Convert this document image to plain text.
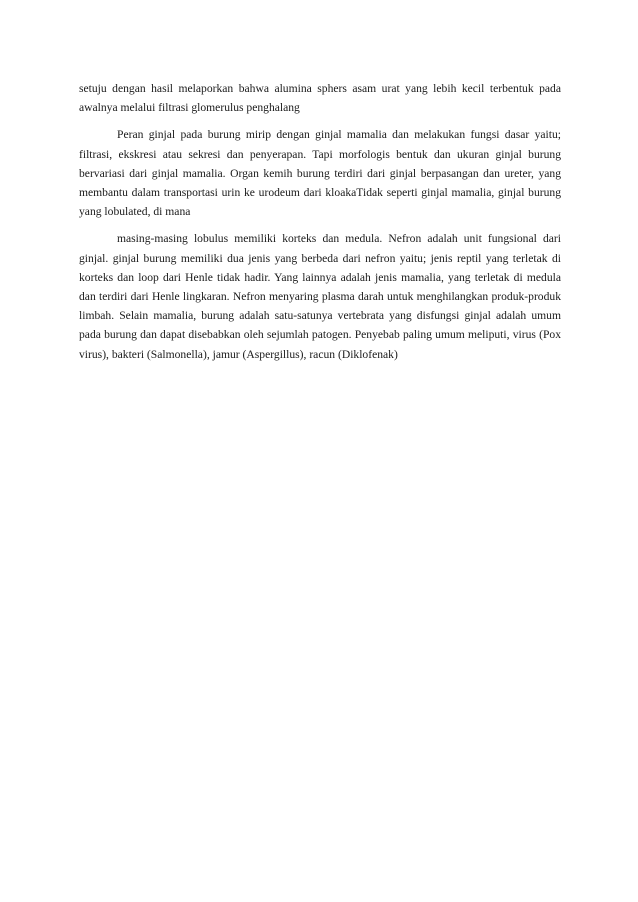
setuju dengan hasil melaporkan bahwa alumina sphers asam urat yang lebih kecil terbentuk pada awalnya melalui filtrasi glomerulus penghalang

Peran ginjal pada burung mirip dengan ginjal mamalia dan melakukan fungsi dasar yaitu; filtrasi, ekskresi atau sekresi dan penyerapan. Tapi morfologis bentuk dan ukuran ginjal burung bervariasi dari ginjal mamalia. Organ kemih burung terdiri dari ginjal berpasangan dan ureter, yang membantu dalam transportasi urin ke urodeum dari kloakaTidak seperti ginjal mamalia, ginjal burung yang lobulated, di mana

masing-masing lobulus memiliki korteks dan medula. Nefron adalah unit fungsional dari ginjal. ginjal burung memiliki dua jenis yang berbeda dari nefron yaitu; jenis reptil yang terletak di korteks dan loop dari Henle tidak hadir. Yang lainnya adalah jenis mamalia, yang terletak di medula dan terdiri dari Henle lingkaran. Nefron menyaring plasma darah untuk menghilangkan produk-produk limbah. Selain mamalia, burung adalah satu-satunya vertebrata yang disfungsi ginjal adalah umum pada burung dan dapat disebabkan oleh sejumlah patogen. Penyebab paling umum meliputi, virus (Pox virus), bakteri (Salmonella), jamur (Aspergillus), racun (Diklofenak)
